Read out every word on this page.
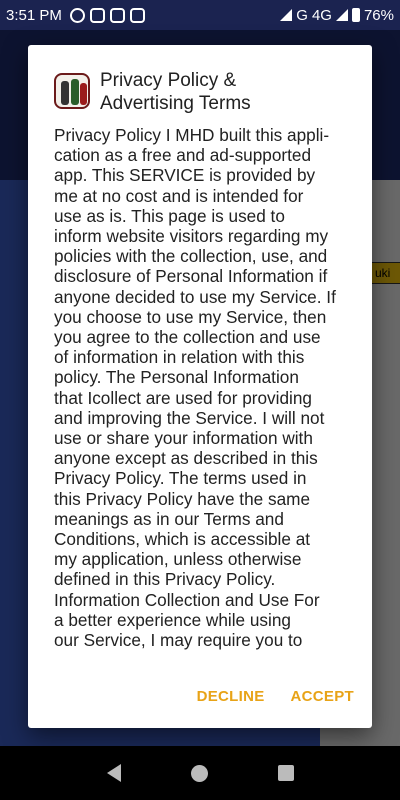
3:51 PM	G 4G 76%
Privacy Policy & Advertising Terms
Privacy Policy I MHD built this appli-
cation as a free and ad-supported
app. This SERVICE is provided by
me at no cost and is intended for
use as is. This page is used to
inform website visitors regarding my
policies with the collection, use, and
disclosure of Personal Information if
anyone decided to use my Service. If
you choose to use my Service, then
you agree to the collection and use
of information in relation with this
policy. The Personal Information
that Icollect are used for providing
and improving the Service. I will not
use or share your information with
anyone except as described in this
Privacy Policy. The terms used in
this Privacy Policy have the same
meanings as in our Terms and
Conditions, which is accessible at
my application, unless otherwise
defined in this Privacy Policy.
Information Collection and Use For
a better experience while using
our Service, I may require you to
DECLINE ACCEPT
